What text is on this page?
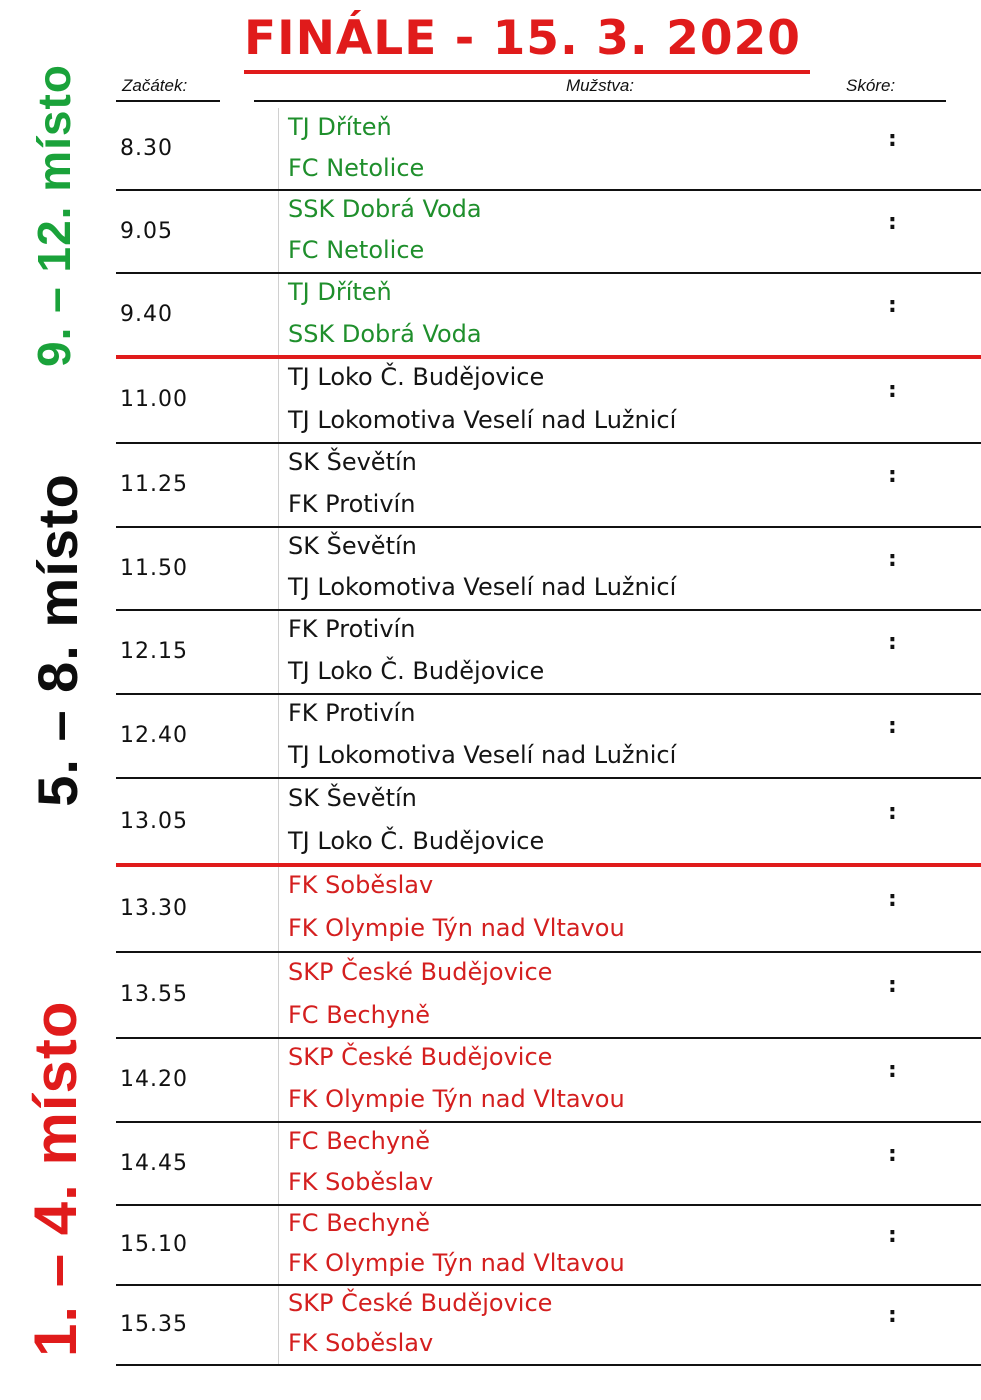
FINÁLE - 15. 3. 2020
Začátek:	Mužstva:	Skóre:
9. – 12. místo
5. – 8. místo
1. – 4. místo
8.30
TJ Dříteň
FC Netolice
:
9.05
SSK Dobrá Voda
FC Netolice
:
9.40
TJ Dříteň
SSK Dobrá Voda
:
11.00
TJ Loko Č. Budějovice
TJ Lokomotiva Veselí nad Lužnicí
:
11.25
SK Ševětín
FK Protivín
:
11.50
SK Ševětín
TJ Lokomotiva Veselí nad Lužnicí
:
12.15
FK Protivín
TJ Loko Č. Budějovice
:
12.40
FK Protivín
TJ Lokomotiva Veselí nad Lužnicí
:
13.05
SK Ševětín
TJ Loko Č. Budějovice
:
13.30
FK Soběslav
FK Olympie Týn nad Vltavou
:
13.55
SKP České Budějovice
FC Bechyně
:
14.20
SKP České Budějovice
FK Olympie Týn nad Vltavou
:
14.45
FC Bechyně
FK Soběslav
:
15.10
FC Bechyně
FK Olympie Týn nad Vltavou
:
15.35
SKP České Budějovice
FK Soběslav
:
